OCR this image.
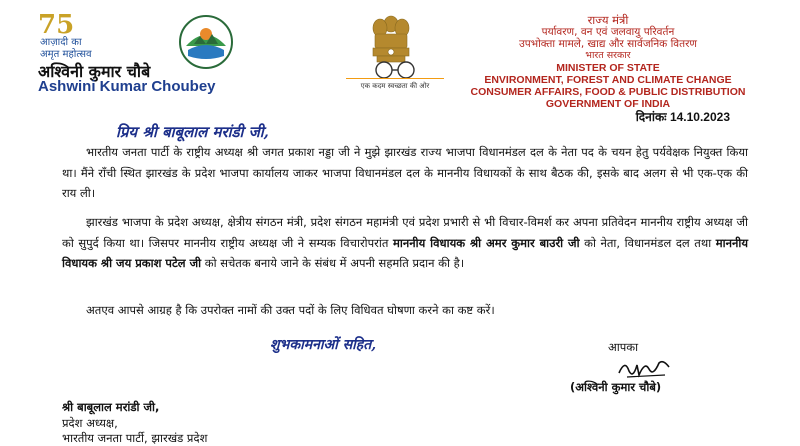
75
आज़ादी का
अमृत महोत्सव
अश्विनी कुमार चौबे
Ashwini Kumar Choubey	एक कदम स्वच्छता की ओर
राज्य मंत्री
पर्यावरण, वन एवं जलवायु परिवर्तन
उपभोक्ता मामले, खाद्य और सार्वजनिक वितरण
भारत सरकार
MINISTER OF STATE
ENVIRONMENT, FOREST AND CLIMATE CHANGE
CONSUMER AFFAIRS, FOOD & PUBLIC DISTRIBUTION
GOVERNMENT OF INDIA
दिनांकः 14.10.2023
प्रिय श्री बाबूलाल मरांडी जी,

भारतीय जनता पार्टी के राष्ट्रीय अध्यक्ष श्री जगत प्रकाश नड्डा जी ने मुझे झारखंड राज्य भाजपा विधानमंडल दल के नेता पद के चयन हेतु पर्यवेक्षक नियुक्त किया था। मैंने राँची स्थित झारखंड के प्रदेश भाजपा कार्यालय जाकर भाजपा विधानमंडल दल के माननीय विधायकों के साथ बैठक की, इसके बाद अलग से भी एक-एक की राय ली।

झारखंड भाजपा के प्रदेश अध्यक्ष, क्षेत्रीय संगठन मंत्री, प्रदेश संगठन महामंत्री एवं प्रदेश प्रभारी से भी विचार-विमर्श कर अपना प्रतिवेदन माननीय राष्ट्रीय अध्यक्ष जी को सुपुर्द किया था। जिसपर माननीय राष्ट्रीय अध्यक्ष जी ने सम्यक विचारोपरांत माननीय विधायक श्री अमर कुमार बाउरी जी को नेता, विधानमंडल दल तथा माननीय विधायक श्री जय प्रकाश पटेल जी को सचेतक बनाये जाने के संबंध में अपनी सहमति प्रदान की है।

अतएव आपसे आग्रह है कि उपरोक्त नामों की उक्त पदों के लिए विधिवत घोषणा करने का कष्ट करें।

शुभकामनाओं सहित,	आपका
(अश्विनी कुमार चौबे)
श्री बाबूलाल मरांडी जी,
प्रदेश अध्यक्ष,
भारतीय जनता पार्टी, झारखंड प्रदेश
